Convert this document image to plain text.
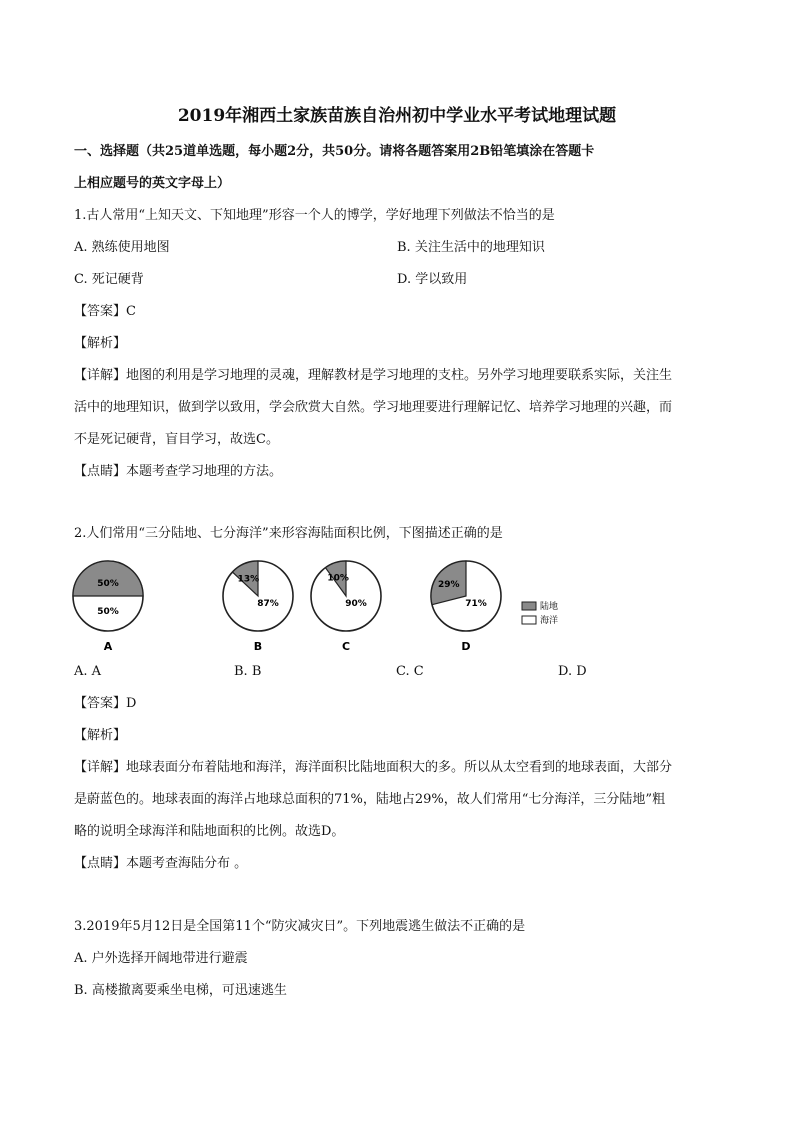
2019年湘西土家族苗族自治州初中学业水平考试地理试题
一、选择题（共25道单选题，每小题2分，共50分。请将各题答案用2B铅笔填涂在答题卡
上相应题号的英文字母上）
1.古人常用“上知天文、下知地理”形容一个人的博学，学好地理下列做法不恰当的是
A. 熟练使用地图	B. 关注生活中的地理知识
C. 死记硬背	D. 学以致用
【答案】C
【解析】
【详解】地图的利用是学习地理的灵魂，理解教材是学习地理的支柱。另外学习地理要联系实际，关注生
活中的地理知识，做到学以致用，学会欣赏大自然。学习地理要进行理解记忆、培养学习地理的兴趣，而
不是死记硬背，盲目学习，故选C。
【点睛】本题考查学习地理的方法。
2.人们常用“三分陆地、七分海洋”来形容海陆面积比例，下图描述正确的是
50%
50%
A
13%
87%
B
10%
90%
C
29%
71%
D
陆地
海洋
A. A	B. B	C. C	D. D
【答案】D
【解析】
【详解】地球表面分布着陆地和海洋，海洋面积比陆地面积大的多。所以从太空看到的地球表面，大部分
是蔚蓝色的。地球表面的海洋占地球总面积的71%，陆地占29%，故人们常用“七分海洋，三分陆地”粗
略的说明全球海洋和陆地面积的比例。故选D。
【点睛】本题考查海陆分布 。
3.2019年5月12日是全国第11个“防灾减灾日”。下列地震逃生做法不正确的是
A. 户外选择开阔地带进行避震
B. 高楼撤离要乘坐电梯，可迅速逃生
